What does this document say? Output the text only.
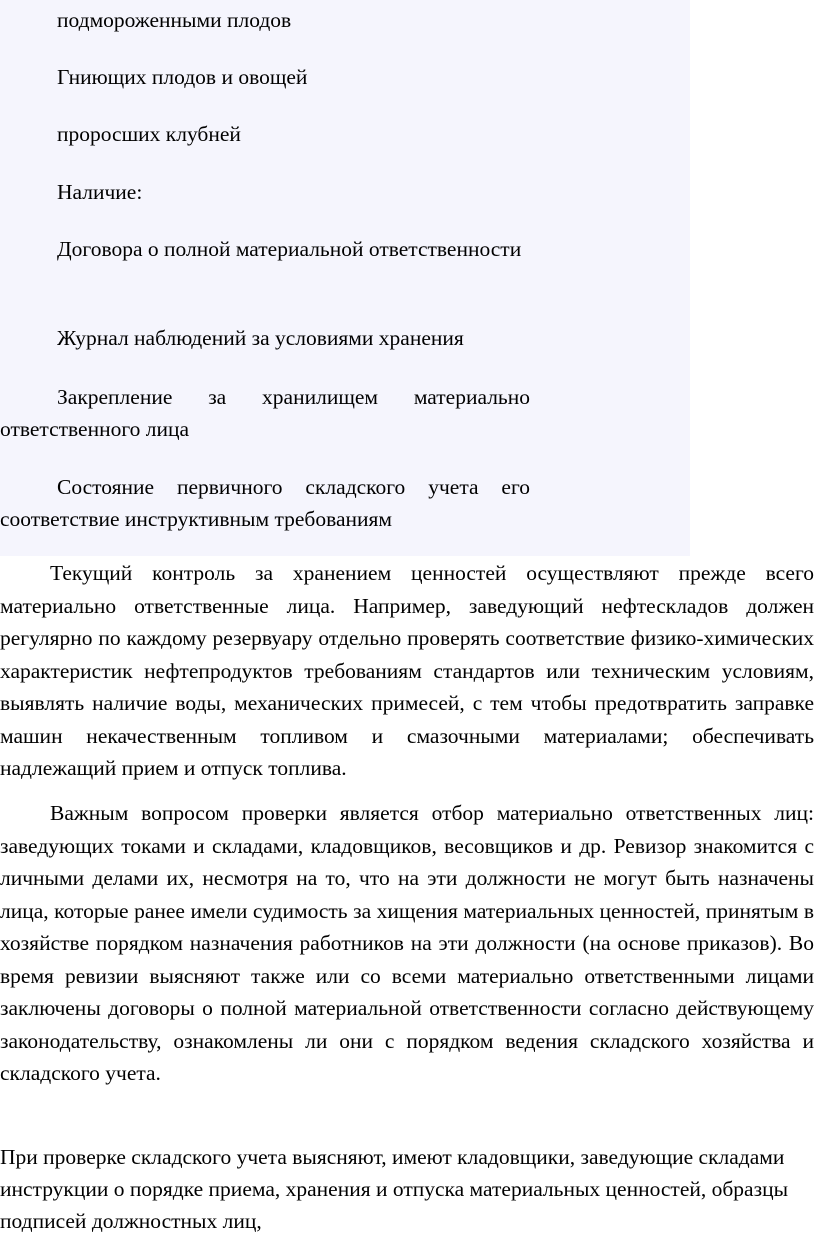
подмороженными плодов

Гниющих плодов и овощей

проросших клубней

Наличие:

Договора о полной материальной ответственности

Журнал наблюдений за условиями хранения

Закрепление за хранилищем материально ответственного лица

Состояние первичного складского учета его соответствие инструктивным требованиям

Текущий контроль за хранением ценностей осуществляют прежде всего материально ответственные лица. Например, заведующий нефтескладов должен регулярно по каждому резервуару отдельно проверять соответствие физико-химических характеристик нефтепродуктов требованиям стандартов или техническим условиям, выявлять наличие воды, механических примесей, с тем чтобы предотвратить заправке машин некачественным топливом и смазочными материалами; обеспечивать надлежащий прием и отпуск топлива.

Важным вопросом проверки является отбор материально ответственных лиц: заведующих токами и складами, кладовщиков, весовщиков и др. Ревизор знакомится с личными делами их, несмотря на то, что на эти должности не могут быть назначены лица, которые ранее имели судимость за хищения материальных ценностей, принятым в хозяйстве порядком назначения работников на эти должности (на основе приказов). Во время ревизии выясняют также или со всеми материально ответственными лицами заключены договоры о полной материальной ответственности согласно действующему законодательству, ознакомлены ли они с порядком ведения складского хозяйства и складского учета.

При проверке складского учета выясняют, имеют кладовщики, заведующие складами инструкции о порядке приема, хранения и отпуска материальных ценностей, образцы подписей должностных лиц,
